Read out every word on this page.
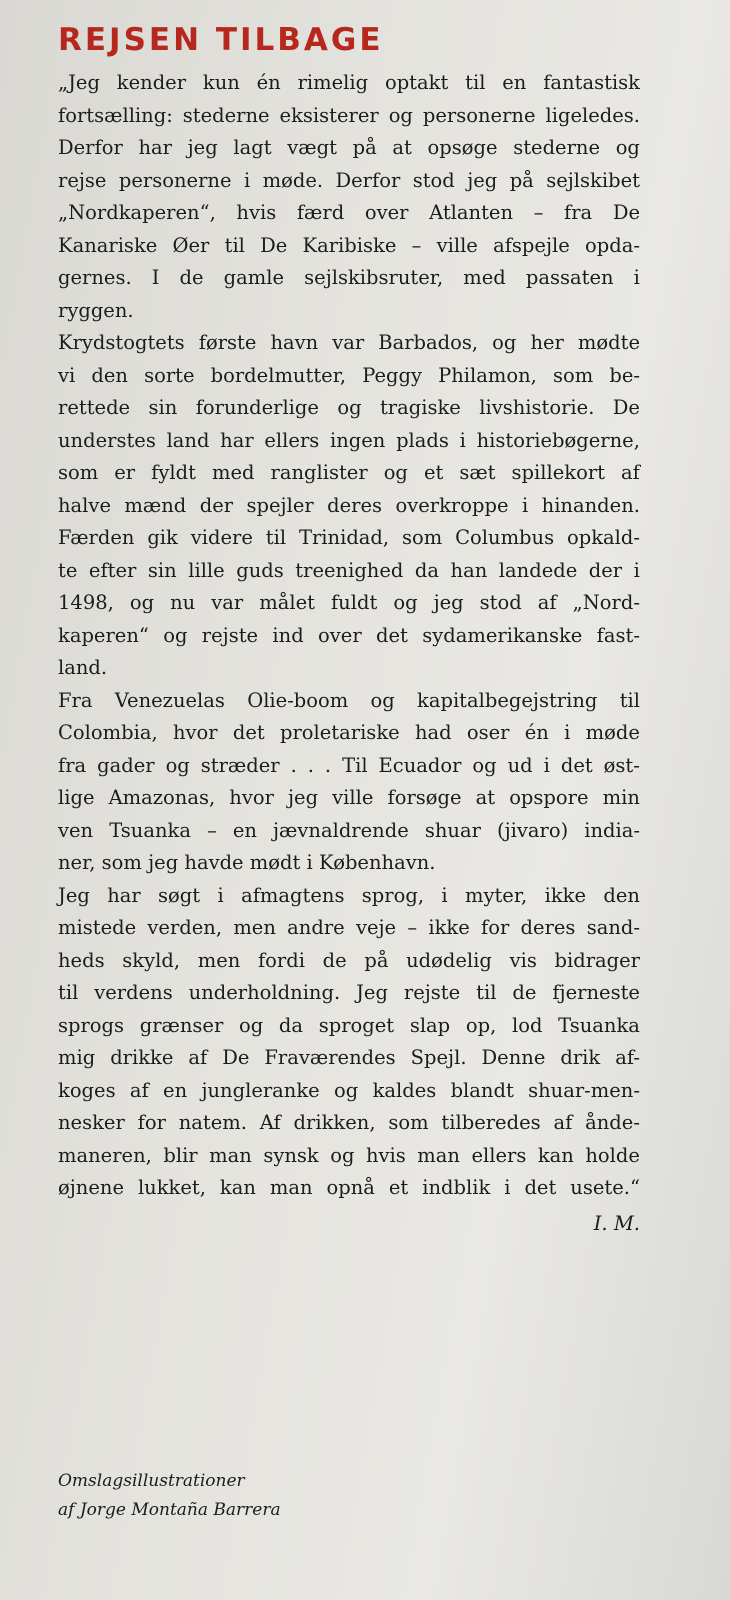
REJSEN TILBAGE
„Jeg kender kun én rimelig optakt til en fantastisk
fortsælling: stederne eksisterer og personerne ligeledes.
Derfor har jeg lagt vægt på at opsøge stederne og
rejse personerne i møde. Derfor stod jeg på sejlskibet
„Nordkaperen“, hvis færd over Atlanten – fra De
Kanariske Øer til De Karibiske – ville afspejle opda-
gernes. I de gamle sejlskibsruter, med passaten i
ryggen.
Krydstogtets første havn var Barbados, og her mødte
vi den sorte bordelmutter, Peggy Philamon, som be-
rettede sin forunderlige og tragiske livshistorie. De
understes land har ellers ingen plads i historiebøgerne,
som er fyldt med ranglister og et sæt spillekort af
halve mænd der spejler deres overkroppe i hinanden.
Færden gik videre til Trinidad, som Columbus opkald-
te efter sin lille guds treenighed da han landede der i
1498, og nu var målet fuldt og jeg stod af „Nord-
kaperen“ og rejste ind over det sydamerikanske fast-
land.
Fra Venezuelas Olie-boom og kapitalbegejstring til
Colombia, hvor det proletariske had oser én i møde
fra gader og stræder . . . Til Ecuador og ud i det øst-
lige Amazonas, hvor jeg ville forsøge at opspore min
ven Tsuanka – en jævnaldrende shuar (jivaro) india-
ner, som jeg havde mødt i København.
Jeg har søgt i afmagtens sprog, i myter, ikke den
mistede verden, men andre veje – ikke for deres sand-
heds skyld, men fordi de på udødelig vis bidrager
til verdens underholdning. Jeg rejste til de fjerneste
sprogs grænser og da sproget slap op, lod Tsuanka
mig drikke af De Fraværendes Spejl. Denne drik af-
koges af en jungleranke og kaldes blandt shuar-men-
nesker for natem. Af drikken, som tilberedes af ånde-
maneren, blir man synsk og hvis man ellers kan holde
øjnene lukket, kan man opnå et indblik i det usete.“
I. M.
Omslagsillustrationer
af Jorge Montaña Barrera
